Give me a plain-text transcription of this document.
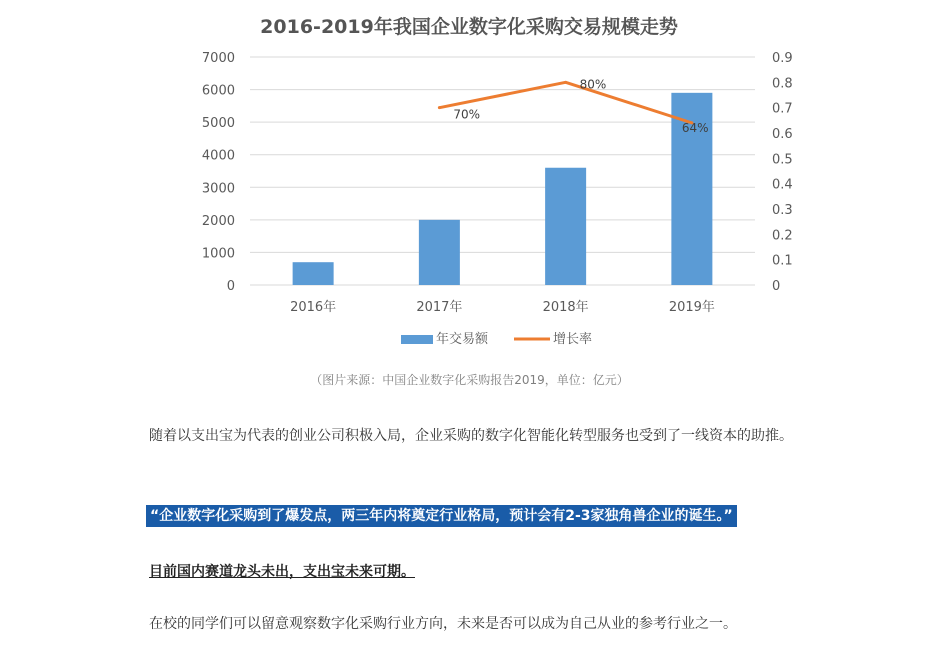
2016-2019年我国企业数字化采购交易规模走势
0
1000
2000
3000
4000
5000
6000
7000
0
0.1
0.2
0.3
0.4
0.5
0.6
0.7
0.8
0.9
2016年	2017年	2018年	2019年
70%
80%
64%
年交易额	增长率
（图片来源：中国企业数字化采购报告2019，单位：亿元）
随着以支出宝为代表的创业公司积极入局，企业采购的数字化智能化转型服务也受到了一线资本的助推。
“企业数字化采购到了爆发点，两三年内将奠定行业格局，预计会有2-3家独角兽企业的诞生。”
目前国内赛道龙头未出，支出宝未来可期。
在校的同学们可以留意观察数字化采购行业方向，未来是否可以成为自己从业的参考行业之一。
